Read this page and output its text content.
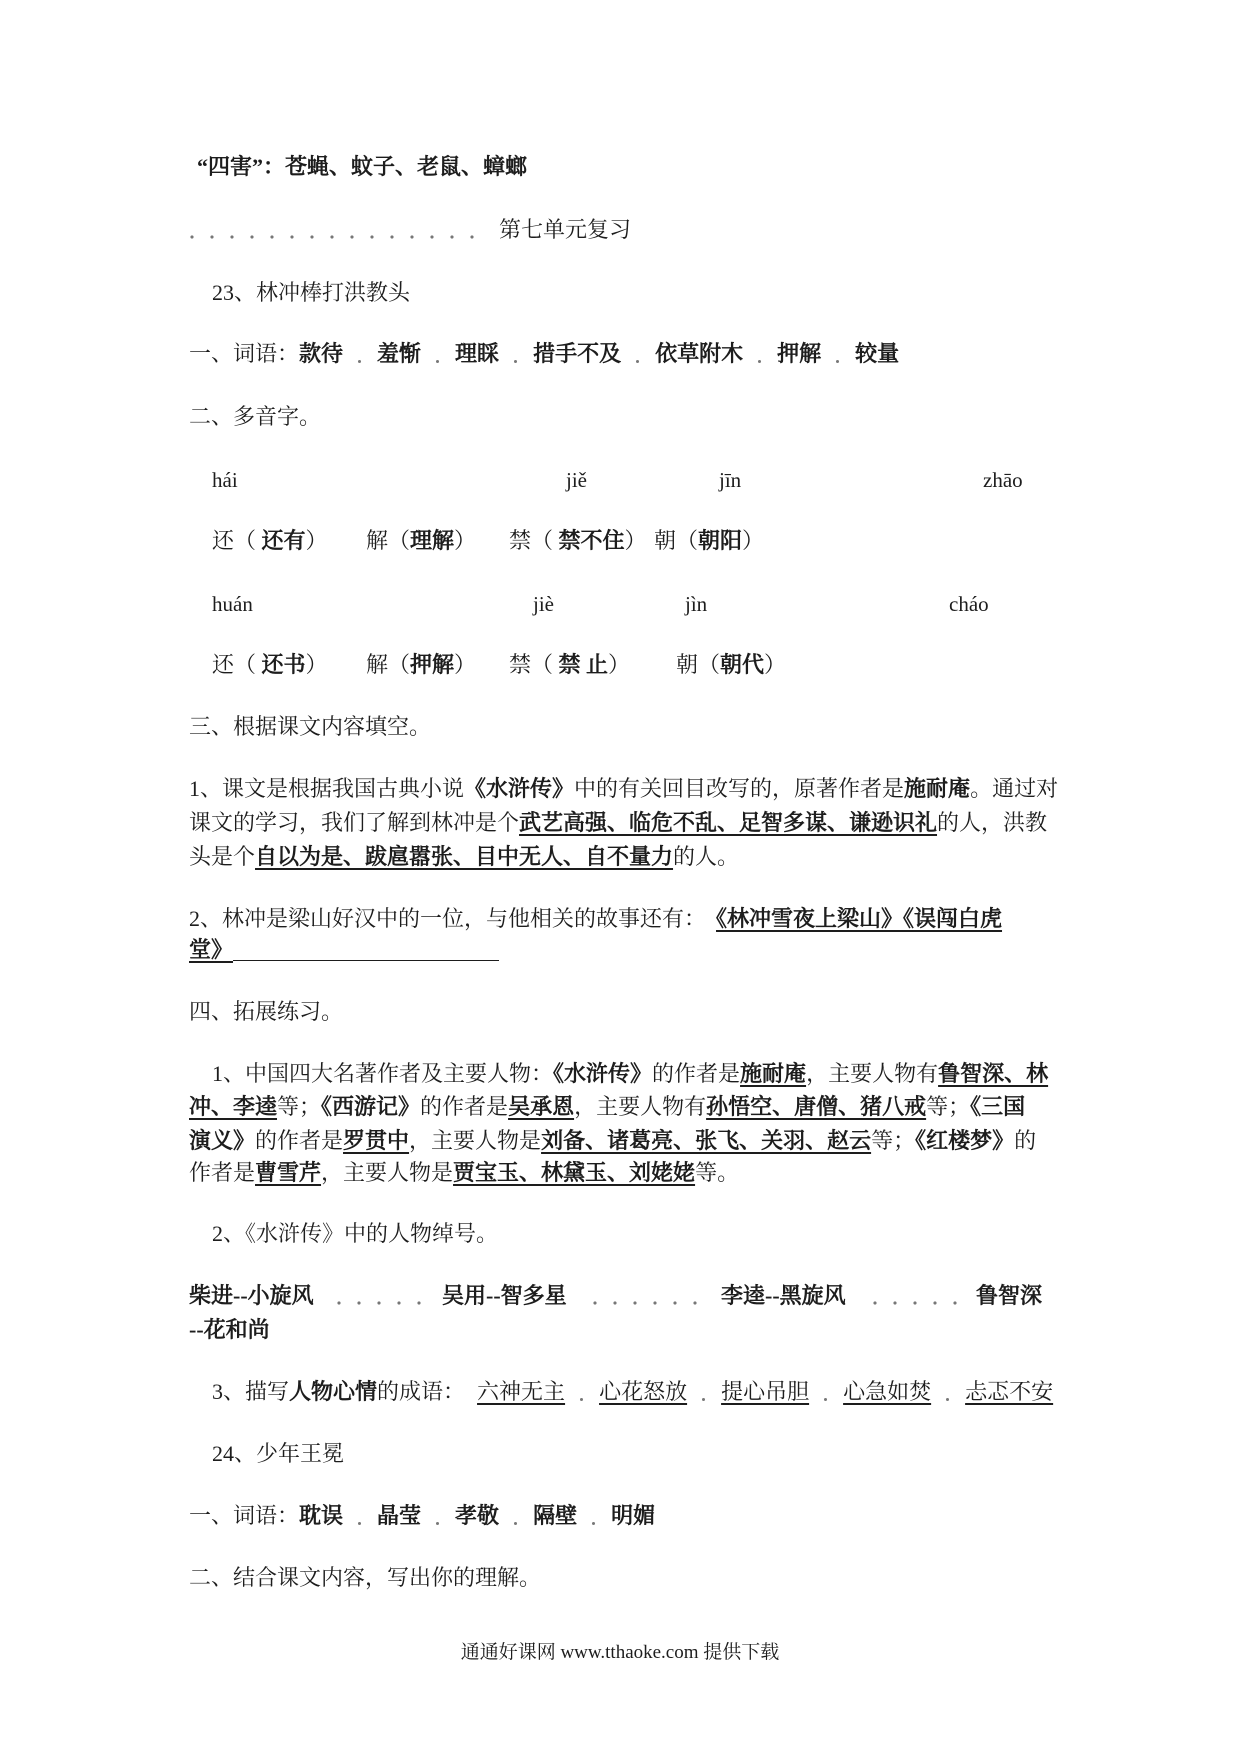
“四害”：苍蝇、蚊子、老鼠、蟑螂
第七单元复习
23、林冲棒打洪教头
一、词语：款待 羞惭 理睬 措手不及 依草附木 押解 较量
二、多音字。
hái	jiě	jīn	zhāo
还（ 还有） 解（理解） 禁（ 禁不住） 朝（朝阳）
huán	jiè	jìn	cháo
还（ 还书） 解（押解） 禁（ 禁 止） 朝（朝代）
三、根据课文内容填空。
1、课文是根据我国古典小说《水浒传》中的有关回目改写的，原著作者是施耐庵。通过对
课文的学习，我们了解到林冲是个武艺高强、临危不乱、足智多谋、谦逊识礼的人，洪教
头是个自以为是、跋扈嚣张、目中无人、自不量力的人。
2、林冲是梁山好汉中的一位，与他相关的故事还有： 《林冲雪夜上梁山》《误闯白虎
堂》
四、拓展练习。
1、中国四大名著作者及主要人物：《水浒传》的作者是施耐庵，主要人物有鲁智深、林
冲、李逵等；《西游记》的作者是吴承恩，主要人物有孙悟空、唐僧、猪八戒等；《三国
演义》的作者是罗贯中，主要人物是刘备、诸葛亮、张飞、关羽、赵云等；《红楼梦》的
作者是曹雪芹，主要人物是贾宝玉、林黛玉、刘姥姥等。
2、《水浒传》中的人物绰号。
柴进--小旋风	吴用--智多星	李逵--黑旋风	鲁智深
--花和尚
3、描写人物心情的成语： 六神无主 心花怒放 提心吊胆 心急如焚 忐忑不安
24、少年王冕
一、词语：耽误 晶莹 孝敬 隔壁 明媚
二、结合课文内容，写出你的理解。
通通好课网 www.tthaoke.com 提供下载
